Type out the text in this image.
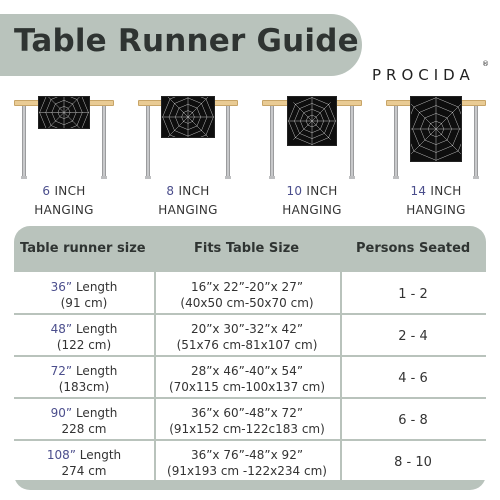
Table Runner Guide
PROCIDA
®
6 INCH
HANGING
8 INCH
HANGING
10 INCH
HANGING
14 INCH
HANGING
Table runner size	Fits Table Size	Persons Seated
36” Length
(91 cm)
16”x 22”-20”x 27”
(40x50 cm-50x70 cm)
1 - 2
48” Length
(122 cm)
20”x 30”-32”x 42”
(51x76 cm-81x107 cm)
2 - 4
72” Length
(183cm)
28”x 46”-40”x 54”
(70x115 cm-100x137 cm)
4 - 6
90” Length
228 cm
36”x 60”-48”x 72”
(91x152 cm-122c183 cm)
6 - 8
108” Length
274 cm
36”x 76”-48”x 92”
(91x193 cm -122x234 cm)
8 - 10
